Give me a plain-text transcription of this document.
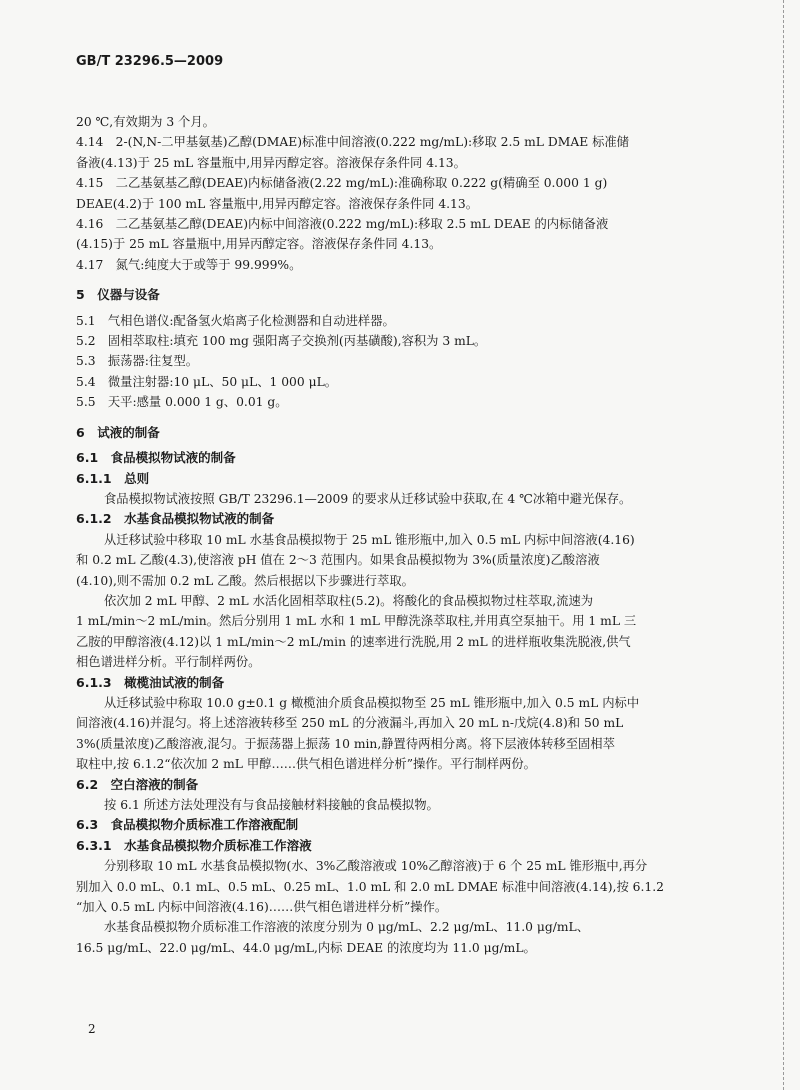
GB/T 23296.5—2009
20 ℃,有效期为 3 个月。
4.14　2-(N,N-二甲基氨基)乙醇(DMAE)标准中间溶液(0.222 mg/mL):移取 2.5 mL DMAE 标准储
备液(4.13)于 25 mL 容量瓶中,用异丙醇定容。溶液保存条件同 4.13。
4.15　二乙基氨基乙醇(DEAE)内标储备液(2.22 mg/mL):准确称取 0.222 g(精确至 0.000 1 g)
DEAE(4.2)于 100 mL 容量瓶中,用异丙醇定容。溶液保存条件同 4.13。
4.16　二乙基氨基乙醇(DEAE)内标中间溶液(0.222 mg/mL):移取 2.5 mL DEAE 的内标储备液
(4.15)于 25 mL 容量瓶中,用异丙醇定容。溶液保存条件同 4.13。
4.17　氮气:纯度大于或等于 99.999%。
5　仪器与设备
5.1　气相色谱仪:配备氢火焰离子化检测器和自动进样器。
5.2　固相萃取柱:填充 100 mg 强阳离子交换剂(丙基磺酸),容积为 3 mL。
5.3　振荡器:往复型。
5.4　微量注射器:10 μL、50 μL、1 000 μL。
5.5　天平:感量 0.000 1 g、0.01 g。
6　试液的制备
6.1　食品模拟物试液的制备
6.1.1　总则
食品模拟物试液按照 GB/T 23296.1—2009 的要求从迁移试验中获取,在 4 ℃冰箱中避光保存。
6.1.2　水基食品模拟物试液的制备
从迁移试验中移取 10 mL 水基食品模拟物于 25 mL 锥形瓶中,加入 0.5 mL 内标中间溶液(4.16)
和 0.2 mL 乙酸(4.3),使溶液 pH 值在 2～3 范围内。如果食品模拟物为 3%(质量浓度)乙酸溶液
(4.10),则不需加 0.2 mL 乙酸。然后根据以下步骤进行萃取。
依次加 2 mL 甲醇、2 mL 水活化固相萃取柱(5.2)。将酸化的食品模拟物过柱萃取,流速为
1 mL/min～2 mL/min。然后分别用 1 mL 水和 1 mL 甲醇洗涤萃取柱,并用真空泵抽干。用 1 mL 三
乙胺的甲醇溶液(4.12)以 1 mL/min～2 mL/min 的速率进行洗脱,用 2 mL 的进样瓶收集洗脱液,供气
相色谱进样分析。平行制样两份。
6.1.3　橄榄油试液的制备
从迁移试验中称取 10.0 g±0.1 g 橄榄油介质食品模拟物至 25 mL 锥形瓶中,加入 0.5 mL 内标中
间溶液(4.16)并混匀。将上述溶液转移至 250 mL 的分液漏斗,再加入 20 mL n-戊烷(4.8)和 50 mL
3%(质量浓度)乙酸溶液,混匀。于振荡器上振荡 10 min,静置待两相分离。将下层液体转移至固相萃
取柱中,按 6.1.2“依次加 2 mL 甲醇……供气相色谱进样分析”操作。平行制样两份。
6.2　空白溶液的制备
按 6.1 所述方法处理没有与食品接触材料接触的食品模拟物。
6.3　食品模拟物介质标准工作溶液配制
6.3.1　水基食品模拟物介质标准工作溶液
分别移取 10 mL 水基食品模拟物(水、3%乙酸溶液或 10%乙醇溶液)于 6 个 25 mL 锥形瓶中,再分
别加入 0.0 mL、0.1 mL、0.5 mL、0.25 mL、1.0 mL 和 2.0 mL DMAE 标准中间溶液(4.14),按 6.1.2
“加入 0.5 mL 内标中间溶液(4.16)……供气相色谱进样分析”操作。
水基食品模拟物介质标准工作溶液的浓度分别为 0 μg/mL、2.2 μg/mL、11.0 μg/mL、
16.5 μg/mL、22.0 μg/mL、44.0 μg/mL,内标 DEAE 的浓度均为 11.0 μg/mL。
2
